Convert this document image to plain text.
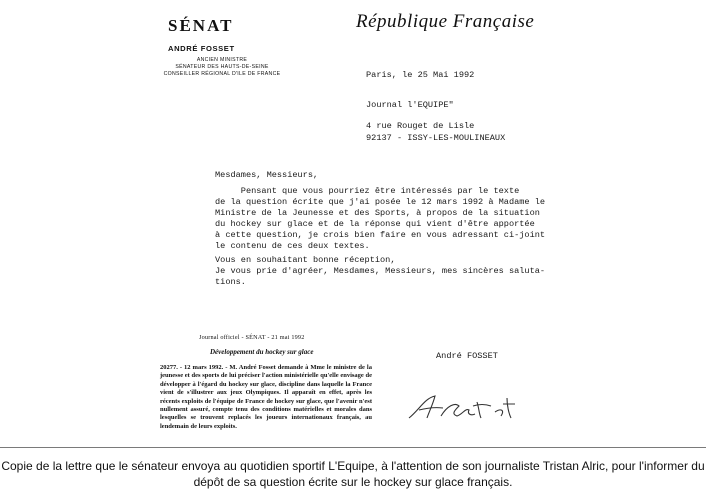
SÉNAT
ANDRÉ FOSSET
ANCIEN MINISTRE
SÉNATEUR DES HAUTS-DE-SEINE
CONSEILLER RÉGIONAL D'ILE DE FRANCE
République Française
Paris, le 25 Mai 1992
Journal l'EQUIPE"
4 rue Rouget de Lisle
92137 - ISSY-LES-MOULINEAUX
Mesdames, Messieurs,
Pensant que vous pourriez être intéressés par le texte
de la question écrite que j'ai posée le 12 mars 1992 à Madame le
Ministre de la Jeunesse et des Sports, à propos de la situation
du hockey sur glace et de la réponse qui vient d'être apportée
à cette question, je crois bien faire en vous adressant ci-joint
le contenu de ces deux textes.
Vous en souhaitant bonne réception,
Je vous prie d'agréer, Mesdames, Messieurs, mes sincères saluta-
tions.
André FOSSET
Journal officiel - SÉNAT - 21 mai 1992
Développement du hockey sur glace
20277. - 12 mars 1992. - M. André Fosset demande à Mme le ministre de la jeunesse et des sports de lui préciser l'action ministérielle qu'elle envisage de développer à l'égard du hockey sur glace, discipline dans laquelle la France vient de s'illustrer aux jeux Olympiques. Il apparaît en effet, après les récents exploits de l'équipe de France de hockey sur glace, que l'avenir n'est nullement assuré, compte tenu des conditions matérielles et morales dans lesquelles se trouvent replacés les joueurs internationaux français, au lendemain de leurs exploits.
Copie de la lettre que le sénateur envoya au quotidien sportif L'Equipe, à l'attention de son journaliste Tristan Alric, pour l'informer du dépôt de sa question écrite sur le hockey sur glace français.
